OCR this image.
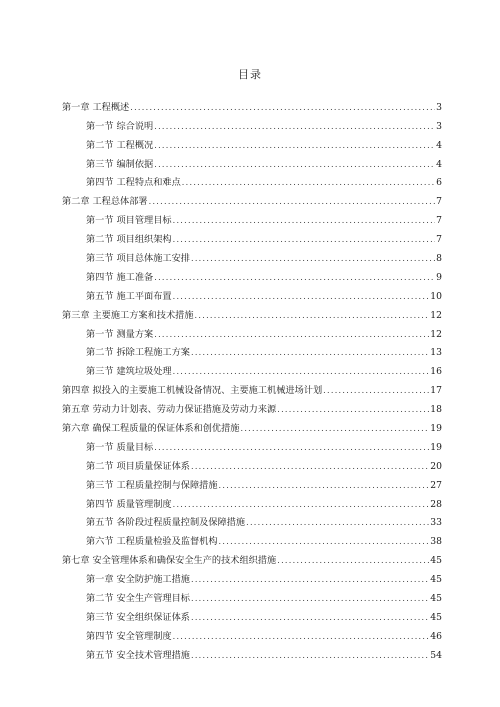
目录
第一章 工程概述 .....	3
第一节 综合说明 .....	3
第二节 工程概况 .....	4
第三节 编制依据 .....	4
第四节 工程特点和难点 .....	6
第二章 工程总体部署 .....	7
第一节 项目管理目标 .....	7
第二节 项目组织架构 .....	7
第三节 项目总体施工安排 .....	8
第四节 施工准备 .....	9
第五节 施工平面布置 .....	10
第三章 主要施工方案和技术措施 .....	12
第一节 测量方案 .....	12
第二节 拆除工程施工方案 .....	13
第三节 建筑垃圾处理 .....	16
第四章 拟投入的主要施工机械设备情况、主要施工机械进场计划 .....	17
第五章 劳动力计划表、劳动力保证措施及劳动力来源 .....	18
第六章 确保工程质量的保证体系和创优措施 .....	19
第一节 质量目标 .....	19
第二节 项目质量保证体系 .....	20
第三节 工程质量控制与保障措施 .....	27
第四节 质量管理制度 .....	28
第五节 各阶段过程质量控制及保障措施 .....	33
第六节 工程质量检验及监督机构 .....	38
第七章 安全管理体系和确保安全生产的技术组织措施 .....	45
第一章 安全防护施工措施 .....	45
第二节 安全生产管理目标 .....	45
第三节 安全组织保证体系 .....	45
第四节 安全管理制度 .....	46
第五节 安全技术管理措施 .....	54
